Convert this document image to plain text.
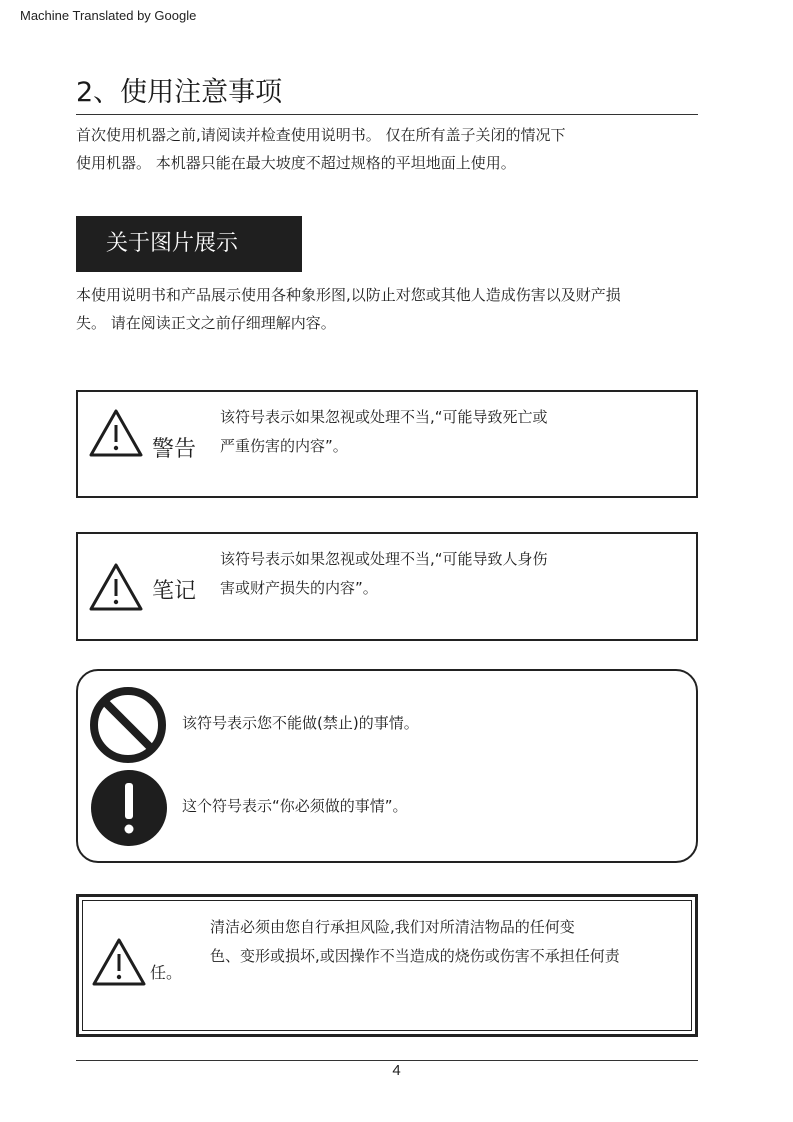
Machine Translated by Google
2、使用注意事项

首次使用机器之前,请阅读并检查使用说明书。 仅在所有盖子关闭的情况下

使用机器。 本机器只能在最大坡度不超过规格的平坦地面上使用。

关于图片展示

本使用说明书和产品展示使用各种象形图,以防止对您或其他人造成伤害以及财产损

失。 请在阅读正文之前仔细理解内容。

警告
该符号表示如果忽视或处理不当,“可能导致死亡或
严重伤害的内容”。
笔记
该符号表示如果忽视或处理不当,“可能导致人身伤
害或财产损失的内容”。
该符号表示您不能做(禁止)的事情。
这个符号表示“你必须做的事情”。
任。
清洁必须由您自行承担风险,我们对所清洁物品的任何变
色、变形或损坏,或因操作不当造成的烧伤或伤害不承担任何责
4
